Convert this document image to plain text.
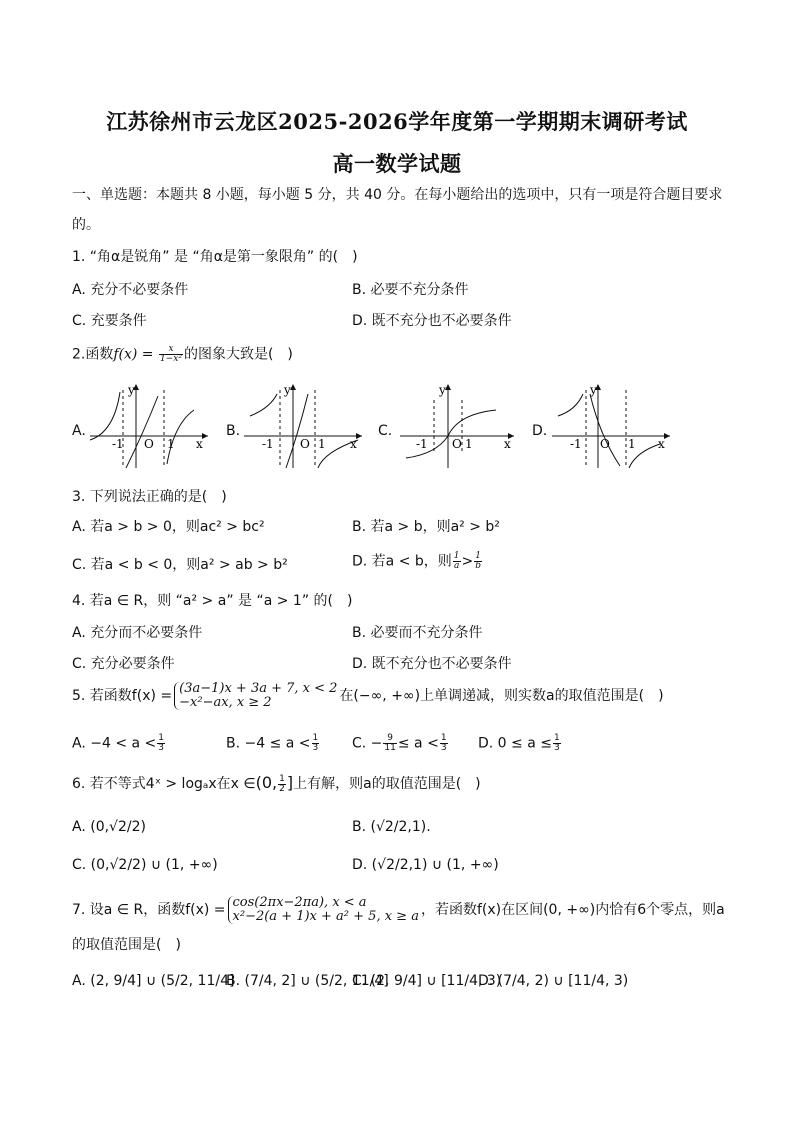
江苏徐州市云龙区2025-2026学年度第一学期期末调研考试
高一数学试题
一、单选题：本题共 8 小题，每小题 5 分，共 40 分。在每小题给出的选项中，只有一项是符合题目要求
的。
1. “角α是锐角” 是 “角α是第一象限角” 的(　)
A. 充分不必要条件	B. 必要不充分条件
C. 充要条件	D. 既不充分也不必要条件
2.函数$f(x) = \frac{x}{\text{1−x²}}$ 的图象大致是(　)
A.
-1 O 1 x
y
B.
-1 O 1 x
y
C.
-1 O 1	x
y
D.
-1 O 1 x
y
3. 下列说法正确的是(　)
A. 若a > b > 0，则ac² > bc²	B. 若a > b，则a² > b²
C. 若a < b < 0，则a² > ab > b²	D. 若a < b，则 $\frac{1}{a} > \frac{1}{b}$
4. 若a ∈ R，则 “a² > a” 是 “a > 1” 的(　)
A. 充分而不必要条件	B. 必要而不充分条件
C. 充分必要条件	D. 既不充分也不必要条件
5. 若函数f(x) = (3a−1)x + 3a + 7, x < 2
−x²−ax, x ≥ 2	在(−∞, +∞)上单调递减，则实数a的取值范围是(　)
A. $-4 < a < \frac{1}{3}$	B. $-4 \le a < \frac{1}{3} C$. − $\frac{9}{11} \le a < \frac{1}{3} D$. $0 \le a \le \frac{1}{3}$
6. 若不等式4ˣ > logₐx在x ∈(0, $\frac{1}{2}$ ]上有解，则a的取值范围是(　)
A. (0,√2/2)	B. (√2/2,1).
C. (0,√2/2) ∪ (1, +∞)	D. (√2/2,1) ∪ (1, +∞)
7. 设a ∈ R，函数f(x) = cos(2πx−2πa), x < a
x²−2(a + 1)x + a² + 5, x ≥ a ，若函数f(x)在区间(0, +∞)内恰有6个零点，则a
的取值范围是(　)
A. (2, 9/4] ∪ (5/2, 11/4]
B. (7/4, 2] ∪ (5/2, 11/4]
C. (2, 9/4] ∪ [11/4, 3)
D. (7/4, 2) ∪ [11/4, 3)
